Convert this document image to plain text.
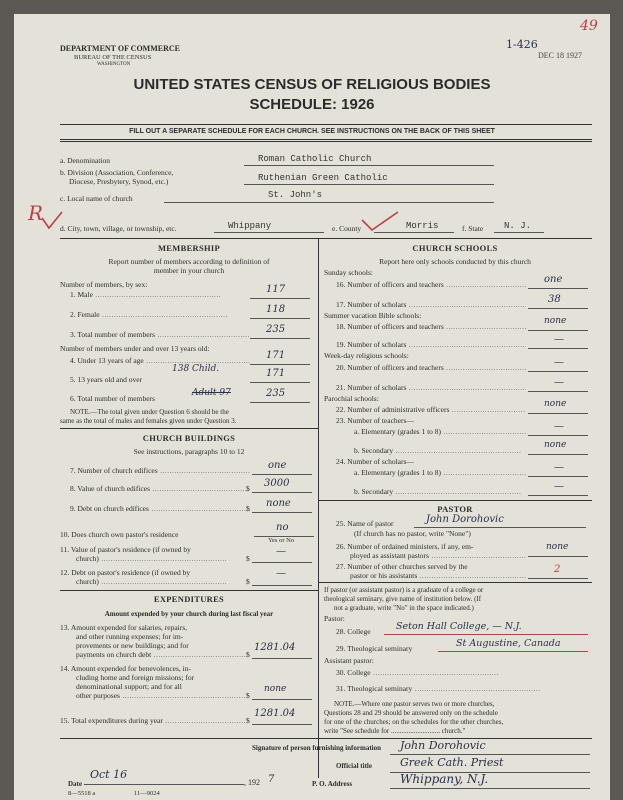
DEPARTMENT OF COMMERCE
BUREAU OF THE CENSUS
WASHINGTON
1-426
DEC 18 1927
49
UNITED STATES CENSUS OF RELIGIOUS BODIES
SCHEDULE: 1926
FILL OUT A SEPARATE SCHEDULE FOR EACH CHURCH. SEE INSTRUCTIONS ON THE BACK OF THIS SHEET
a. Denomination	Roman Catholic Church
b. Division (Association, Conference,
Diocese, Presbytery, Synod, etc.)	Ruthenian Green Catholic
c. Local name of church	St. John's
R
d. City, town, village, or township, etc.	Whippany	e. County	Morris	f. State N. J.
MEMBERSHIP
Report number of members according to definition of
member in your church
Number of members, by sex:
1. Male .....	117
2. Female .....	118
3. Total number of members .....	235
Number of members under and over 13 years old:
4. Under 13 years of age .....	171
5. 13 years old and over
138 Child.	171
6. Total number of members
Adult 97	235
NOTE.—The total given under Question 6 should be the
same as the total of males and females given under Question 3.
CHURCH BUILDINGS
See instructions, paragraphs 10 to 12
7. Number of church edifices .....	one
8. Value of church edifices .....	$ 3000
9. Debt on church edifices .....	$ none
10. Does church own pastor's residence
no
Yes or No
11. Value of pastor's residence (if owned by
church) .....	$
—
12. Debt on pastor's residence (if owned by
church) .....	$
—
EXPENDITURES
Amount expended by your church during last fiscal year
13. Amount expended for salaries, repairs,
and other running expenses; for im-
provements or new buildings; and for
payments on church debt .....	$
1281.04
14. Amount expended for benevolences, in-
cluding home and foreign missions; for
denominational support; and for all
other purposes .....	$
none
15. Total expenditures during year .....	$
1281.04
CHURCH SCHOOLS
Report here only schools conducted by this church
Sunday schools:
16. Number of officers and teachers .....	one
17. Number of scholars .....	38
Summer vacation Bible schools:
18. Number of officers and teachers .....
none
19. Number of scholars .....	—
Week-day religious schools:
20. Number of officers and teachers .....	—
21. Number of scholars .....	—
Parochial schools:
22. Number of administrative officers .....
none
23. Number of teachers—
a. Elementary (grades 1 to 8) .....	—
b. Secondary .....
none
24. Number of scholars—
a. Elementary (grades 1 to 8) .....	—
b. Secondary .....	—
PASTOR
25. Name of pastor	John Dorohovic
(If church has no pastor, write "None")
26. Number of ordained ministers, if any, em-
ployed as assistant pastors .....
none
27. Number of other churches served by the
pastor or his assistants .....
2
If pastor (or assistant pastor) is a graduate of a college or
theological seminary, give name of institution below. (If
not a graduate, write "No" in the space indicated.)
Pastor:
28. College	Seton Hall College, — N.J.
29. Theological seminary	St Augustine, Canada
Assistant pastor:
30. College .....
31. Theological seminary .....
NOTE.—Where one pastor serves two or more churches,
Questions 28 and 29 should be answered only on the schedule
for one of the churches; on the schedules for the other churches,
write "See schedule for ............................ church."
Signature of person furnishing information John Dorohovic
Official title	Greek Cath. Priest
Date
Oct 16
, 192 7	P. O. Address	Whippany, N.J.
8—5518 a	11—9024
